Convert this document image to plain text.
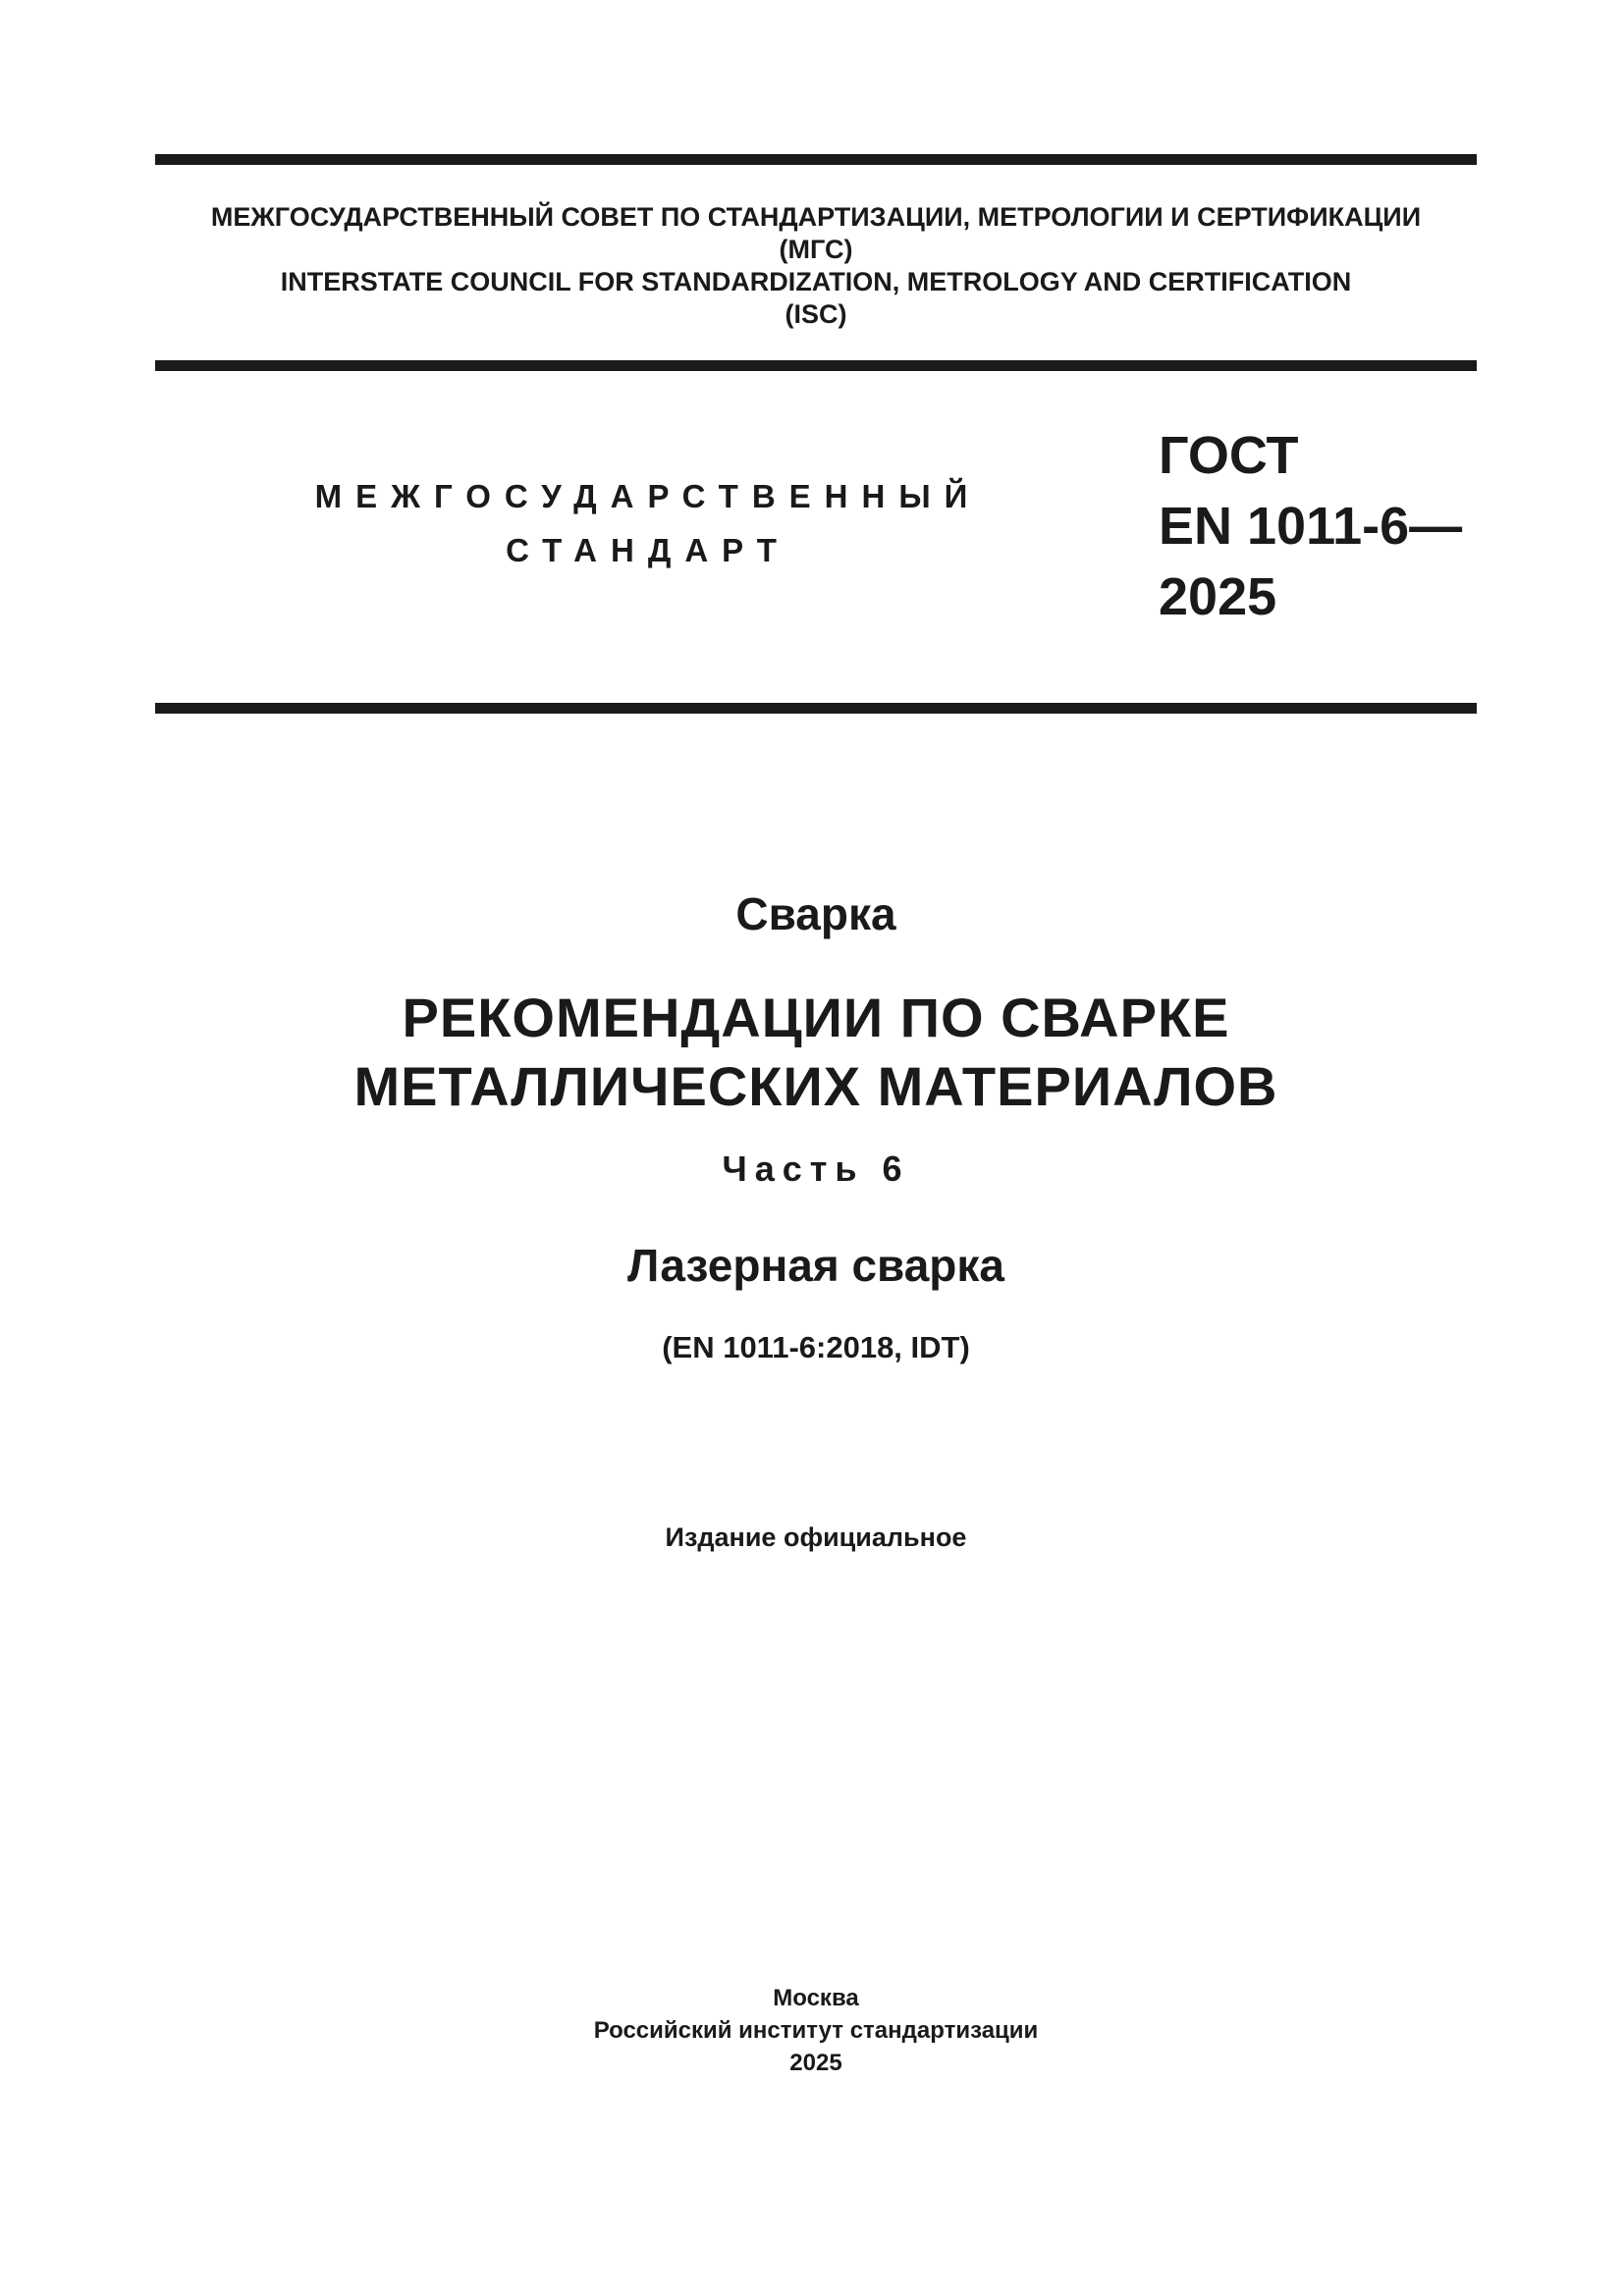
МЕЖГОСУДАРСТВЕННЫЙ СОВЕТ ПО СТАНДАРТИЗАЦИИ, МЕТРОЛОГИИ И СЕРТИФИКАЦИИ
(МГС)
INTERSTATE COUNCIL FOR STANDARDIZATION, METROLOGY AND CERTIFICATION
(ISC)
МЕЖГОСУДАРСТВЕННЫЙ
СТАНДАРТ
ГОСТ
EN 1011-6—
2025
Сварка
РЕКОМЕНДАЦИИ ПО СВАРКЕ
МЕТАЛЛИЧЕСКИХ МАТЕРИАЛОВ
Часть 6
Лазерная сварка
(EN 1011-6:2018, IDT)
Издание официальное
Москва
Российский институт стандартизации
2025
